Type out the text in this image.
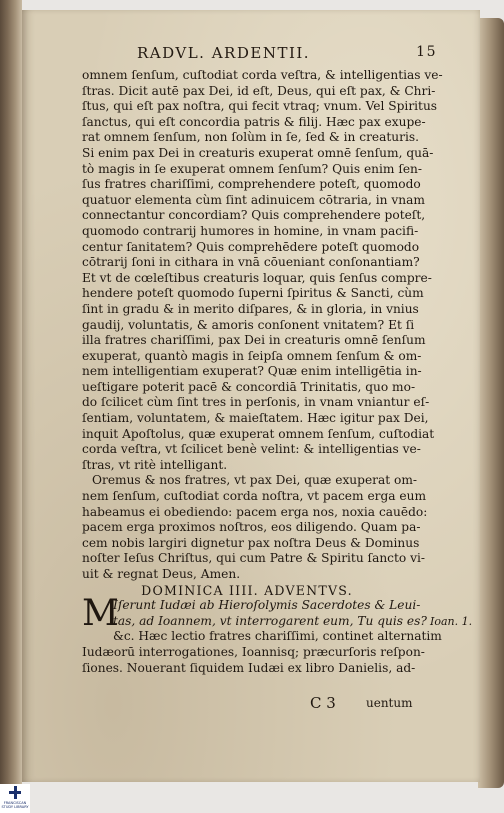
RADVL. ARDENTII.	15
omnem ſenſum, cuſtodiat corda veſtra, & intelligentias ve-
ſtras. Dicit autē pax Dei, id eſt, Deus, qui eſt pax, & Chri-
ſtus, qui eſt pax noſtra, qui fecit vtraq; vnum. Vel Spiritus
ſanctus, qui eſt concordia patris & filij. Hæc pax exupe-
rat omnem ſenſum, non ſolùm in ſe, ſed & in creaturis.
Si enim pax Dei in creaturis exuperat omnē ſenſum, quā-
tò magis in ſe exuperat omnem ſenſum? Quis enim ſen-
ſus fratres chariſſimi, comprehendere poteſt, quomodo
quatuor elementa cùm ſint adinuicem cōtraria, in vnam
connectantur concordiam? Quis comprehendere poteſt,
quomodo contrarij humores in homine, in vnam pacifi-
centur ſanitatem? Quis comprehēdere poteſt quomodo
cōtrarij ſoni in cithara in vnā cōueniant conſonantiam?
Et vt de cœleſtibus creaturis loquar, quis ſenſus compre-
hendere poteſt quomodo ſuperni ſpiritus & Sancti, cùm
ſint in gradu & in merito diſpares, & in gloria, in vnius
gaudij, voluntatis, & amoris conſonent vnitatem? Et ſi
illa fratres chariſſimi, pax Dei in creaturis omnē ſenſum
exuperat, quantò magis in ſeipſa omnem ſenſum & om-
nem intelligentiam exuperat? Quæ enim intelligētia in-
ueſtigare poterit pacē & concordiā Trinitatis, quo mo-
do ſcilicet cùm ſint tres in perſonis, in vnam vniantur eſ-
ſentiam, voluntatem, & maieſtatem. Hæc igitur pax Dei,
inquit Apoſtolus, quæ exuperat omnem ſenſum, cuſtodiat
corda veſtra, vt ſcilicet benè velint: & intelligentias ve-
ſtras, vt ritè intelligant.
Oremus & nos fratres, vt pax Dei, quæ exuperat om-
nem ſenſum, cuſtodiat corda noſtra, vt pacem erga eum
habeamus ei obediendo: pacem erga nos, noxia cauēdo:
pacem erga proximos noſtros, eos diligendo. Quam pa-
cem nobis largiri dignetur pax noſtra Deus & Dominus
noſter Ieſus Chriſtus, qui cum Patre & Spiritu ſancto vi-
uit & regnat Deus, Amen.
DOMINICA IIII. ADVENTVS.
M
Iſerunt Iudæi ab Hieroſolymis Sacerdotes & Leui-
tas, ad Ioannem, vt interrogarent eum, Tu quis es?
&c. Hæc lectio fratres chariſſimi, continet alternatim
Iudæorū interrogationes, Ioannisq; præcurſoris reſpon-
ſiones. Nouerant ſiquidem Iudæi ex libro Danielis, ad-
Ioan. 1.
C 3	uentum
FRANCISCAN STUDY LIBRARY
